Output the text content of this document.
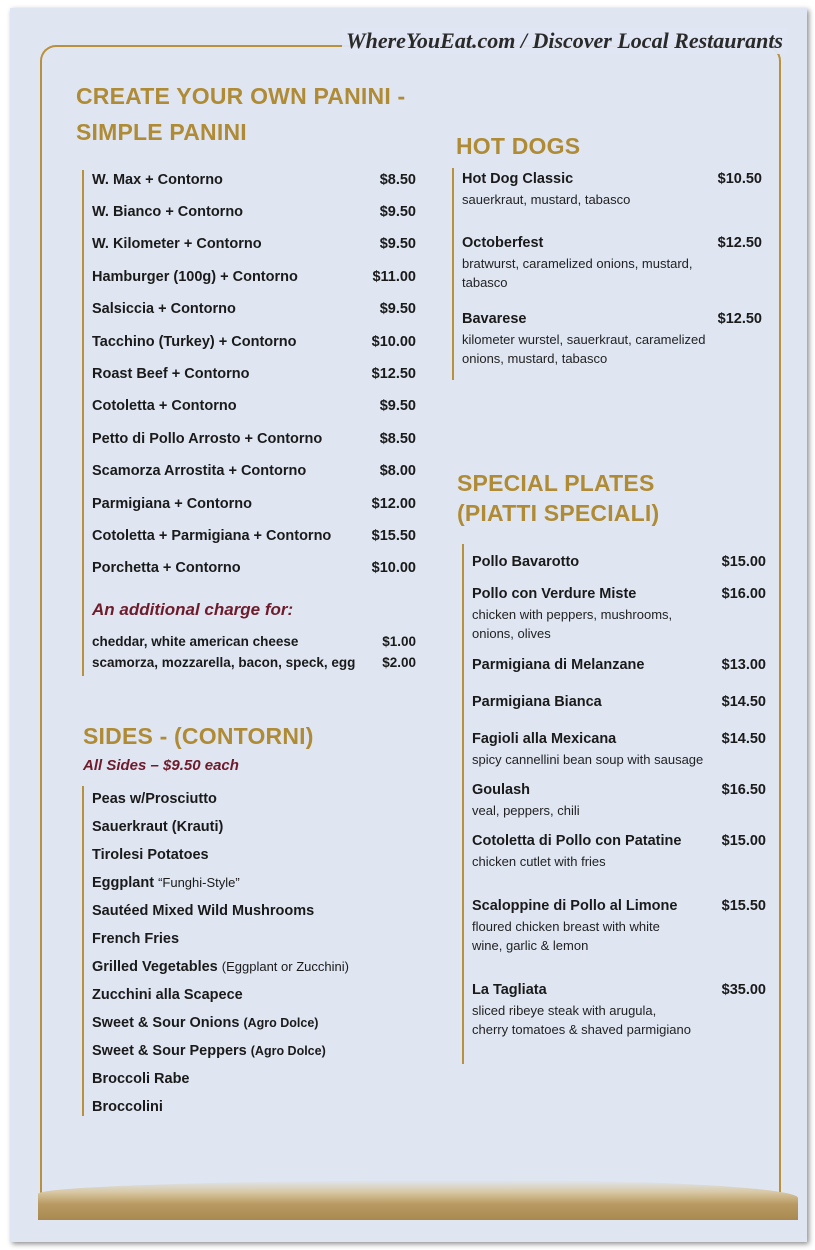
WhereYouEat.com / Discover Local Restaurants
CREATE YOUR OWN PANINI -
SIMPLE PANINI
W. Max + Contorno	$8.50
W. Bianco + Contorno	$9.50
W. Kilometer + Contorno	$9.50
Hamburger (100g) + Contorno	$11.00
Salsiccia + Contorno	$9.50
Tacchino (Turkey) + Contorno	$10.00
Roast Beef + Contorno	$12.50
Cotoletta + Contorno	$9.50
Petto di Pollo Arrosto + Contorno	$8.50
Scamorza Arrostita + Contorno	$8.00
Parmigiana + Contorno	$12.00
Cotoletta + Parmigiana + Contorno	$15.50
Porchetta + Contorno	$10.00
An additional charge for:
cheddar, white american cheese	$1.00
scamorza, mozzarella, bacon, speck, egg $2.00
SIDES - (CONTORNI)
All Sides – $9.50 each
Peas w/Prosciutto
Sauerkraut (Krauti)
Tirolesi Potatoes
Eggplant “Funghi-Style”
Sautéed Mixed Wild Mushrooms
French Fries
Grilled Vegetables (Eggplant or Zucchini)
Zucchini alla Scapece
Sweet & Sour Onions (Agro Dolce)
Sweet & Sour Peppers (Agro Dolce)
Broccoli Rabe
Broccolini
HOT DOGS
Hot Dog Classic	$10.50
sauerkraut, mustard, tabasco
Octoberfest	$12.50
bratwurst, caramelized onions, mustard,
tabasco
Bavarese	$12.50
kilometer wurstel, sauerkraut, caramelized
onions, mustard, tabasco
SPECIAL PLATES
(PIATTI SPECIALI)
Pollo Bavarotto	$15.00
Pollo con Verdure Miste	$16.00
chicken with peppers, mushrooms,
onions, olives
Parmigiana di Melanzane	$13.00
Parmigiana Bianca	$14.50
Fagioli alla Mexicana	$14.50
spicy cannellini bean soup with sausage
Goulash	$16.50
veal, peppers, chili
Cotoletta di Pollo con Patatine	$15.00
chicken cutlet with fries
Scaloppine di Pollo al Limone	$15.50
floured chicken breast with white
wine, garlic & lemon
La Tagliata	$35.00
sliced ribeye steak with arugula,
cherry tomatoes & shaved parmigiano
